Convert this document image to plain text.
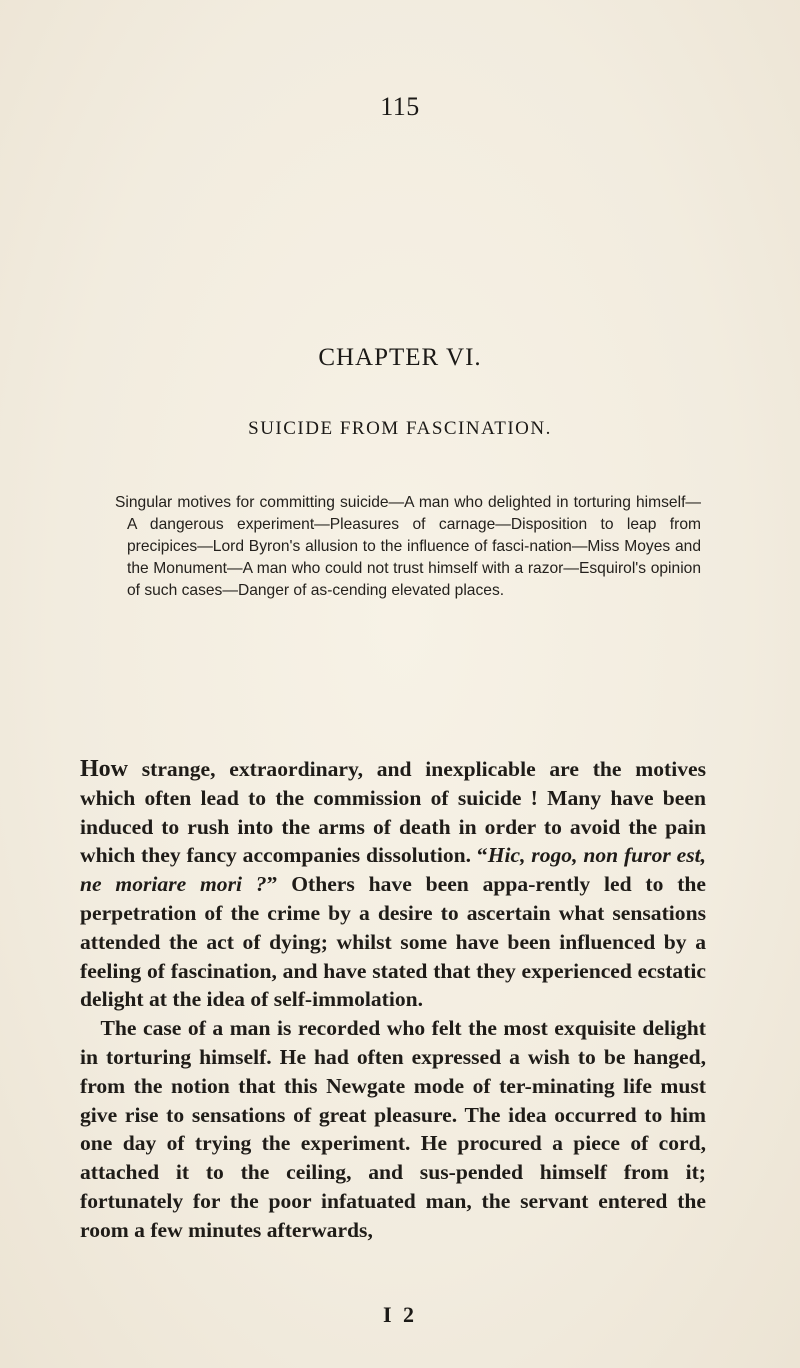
115
CHAPTER VI.
SUICIDE FROM FASCINATION.
Singular motives for committing suicide—A man who delighted in torturing himself—A dangerous experiment—Pleasures of carnage—Disposition to leap from precipices—Lord Byron's allusion to the influence of fasci-nation—Miss Moyes and the Monument—A man who could not trust himself with a razor—Esquirol's opinion of such cases—Danger of as-cending elevated places.

How strange, extraordinary, and inexplicable are the motives which often lead to the commission of suicide ! Many have been induced to rush into the arms of death in order to avoid the pain which they fancy accompanies dissolution. “Hic, rogo, non furor est, ne moriare mori ?” Others have been appa-rently led to the perpetration of the crime by a desire to ascertain what sensations attended the act of dying; whilst some have been influenced by a feeling of fascination, and have stated that they experienced ecstatic delight at the idea of self-immolation.

The case of a man is recorded who felt the most exquisite delight in torturing himself. He had often expressed a wish to be hanged, from the notion that this Newgate mode of ter-minating life must give rise to sensations of great pleasure. The idea occurred to him one day of trying the experiment. He procured a piece of cord, attached it to the ceiling, and sus-pended himself from it; fortunately for the poor infatuated man, the servant entered the room a few minutes afterwards,

I 2
